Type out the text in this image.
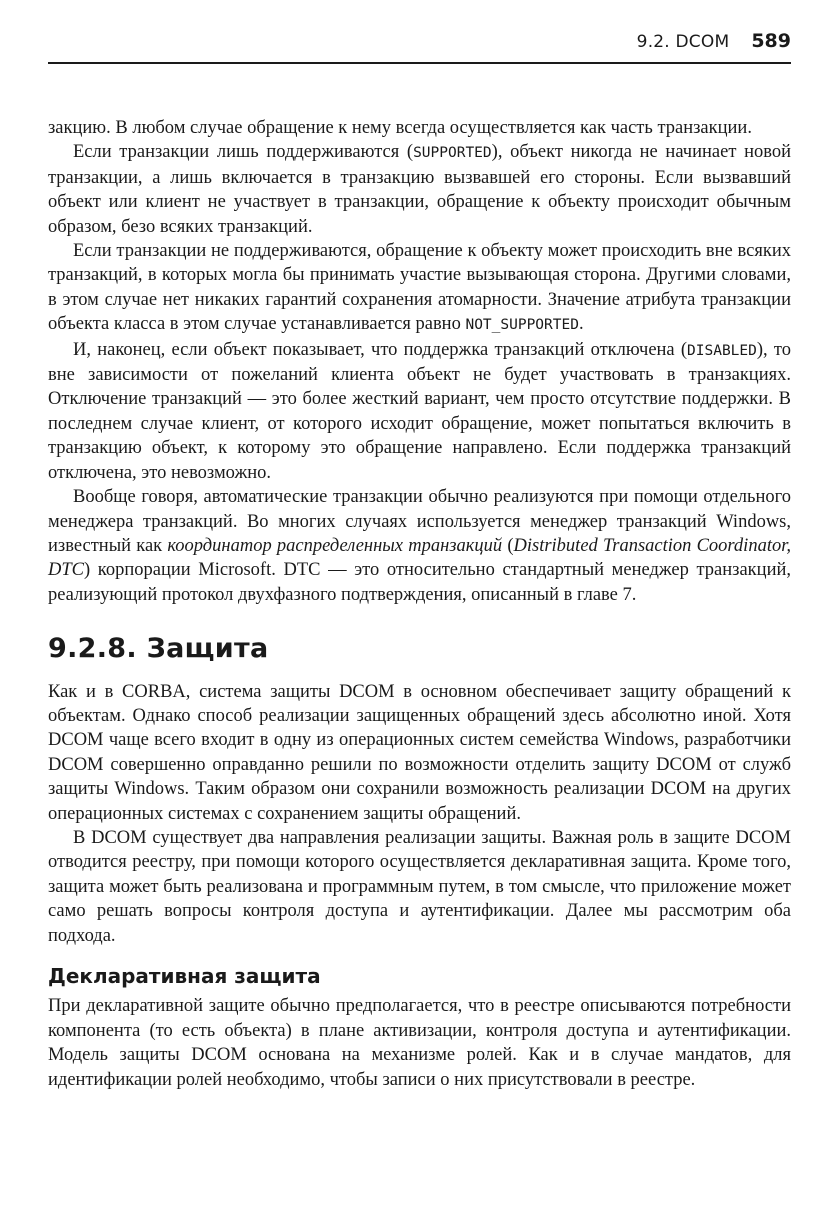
9.2. DCOM 589

закцию. В любом случае обращение к нему всегда осуществляется как часть транзакции.

Если транзакции лишь поддерживаются (SUPPORTED), объект никогда не начинает новой транзакции, а лишь включается в транзакцию вызвавшей его стороны. Если вызвавший объект или клиент не участвует в транзакции, обращение к объекту происходит обычным образом, безо всяких транзакций.

Если транзакции не поддерживаются, обращение к объекту может происходить вне всяких транзакций, в которых могла бы принимать участие вызывающая сторона. Другими словами, в этом случае нет никаких гарантий сохранения атомарности. Значение атрибута транзакции объекта класса в этом случае устанавливается равно NOT_SUPPORTED.

И, наконец, если объект показывает, что поддержка транзакций отключена (DISABLED), то вне зависимости от пожеланий клиента объект не будет участвовать в транзакциях. Отключение транзакций — это более жесткий вариант, чем просто отсутствие поддержки. В последнем случае клиент, от которого исходит обращение, может попытаться включить в транзакцию объект, к которому это обращение направлено. Если поддержка транзакций отключена, это невозможно.

Вообще говоря, автоматические транзакции обычно реализуются при помощи отдельного менеджера транзакций. Во многих случаях используется менеджер транзакций Windows, известный как координатор распределенных транзакций (Distributed Transaction Coordinator, DTC) корпорации Microsoft. DTC — это относительно стандартный менеджер транзакций, реализующий протокол двухфазного подтверждения, описанный в главе 7.

9.2.8. Защита

Как и в CORBA, система защиты DCOM в основном обеспечивает защиту обращений к объектам. Однако способ реализации защищенных обращений здесь абсолютно иной. Хотя DCOM чаще всего входит в одну из операционных систем семейства Windows, разработчики DCOM совершенно оправданно решили по возможности отделить защиту DCOM от служб защиты Windows. Таким образом они сохранили возможность реализации DCOM на других операционных системах с сохранением защиты обращений.

В DCOM существует два направления реализации защиты. Важная роль в защите DCOM отводится реестру, при помощи которого осуществляется декларативная защита. Кроме того, защита может быть реализована и программным путем, в том смысле, что приложение может само решать вопросы контроля доступа и аутентификации. Далее мы рассмотрим оба подхода.

Декларативная защита

При декларативной защите обычно предполагается, что в реестре описываются потребности компонента (то есть объекта) в плане активизации, контроля доступа и аутентификации. Модель защиты DCOM основана на механизме ролей. Как и в случае мандатов, для идентификации ролей необходимо, чтобы записи о них присутствовали в реестре.
